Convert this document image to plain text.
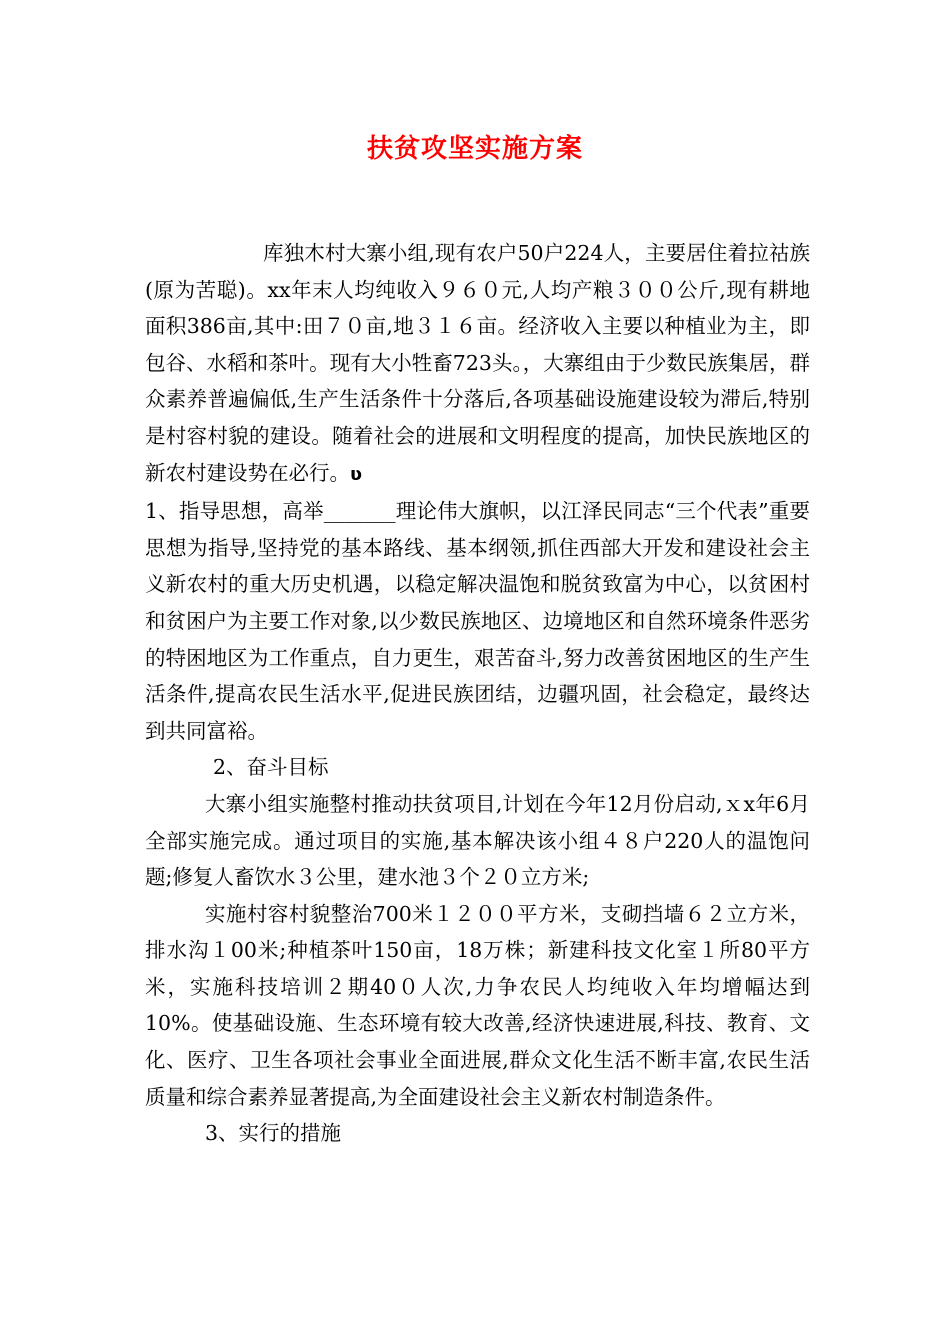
扶贫攻坚实施方案

库独木村大寨小组,现有农户50户224人，主要居住着拉祜族(原为苦聪)。xx年末人均纯收入９６０元,人均产粮３００公斤,现有耕地面积386亩,其中:田７０亩,地３１６亩。经济收入主要以种植业为主，即包谷、水稻和茶叶。现有大小牲畜723头。，大寨组由于少数民族集居，群众素养普遍偏低,生产生活条件十分落后,各项基础设施建设较为滞后,特别是村容村貌的建设。随着社会的进展和文明程度的提高，加快民族地区的新农村建设势在必行。ʋ

1、指导思想，高举_______理论伟大旗帜，以江泽民同志“三个代表”重要思想为指导,坚持党的基本路线、基本纲领,抓住西部大开发和建设社会主义新农村的重大历史机遇，以稳定解决温饱和脱贫致富为中心，以贫困村和贫困户为主要工作对象,以少数民族地区、边境地区和自然环境条件恶劣的特困地区为工作重点，自力更生，艰苦奋斗,努力改善贫困地区的生产生活条件,提高农民生活水平,促进民族团结，边疆巩固，社会稳定，最终达到共同富裕。

2、奋斗目标

大寨小组实施整村推动扶贫项目,计划在今年12月份启动,ｘx年6月全部实施完成。通过项目的实施,基本解决该小组４８户220人的温饱问题;修复人畜饮水３公里，建水池３个２０立方米;

实施村容村貌整治700米１２００平方米，支砌挡墙６２立方米，排水沟１00米;种植茶叶150亩，18万株；新建科技文化室１所80平方米，实施科技培训２期40０人次,力争农民人均纯收入年均增幅达到10%。使基础设施、生态环境有较大改善,经济快速进展,科技、教育、文化、医疗、卫生各项社会事业全面进展,群众文化生活不断丰富,农民生活质量和综合素养显著提高,为全面建设社会主义新农村制造条件。

3、实行的措施
